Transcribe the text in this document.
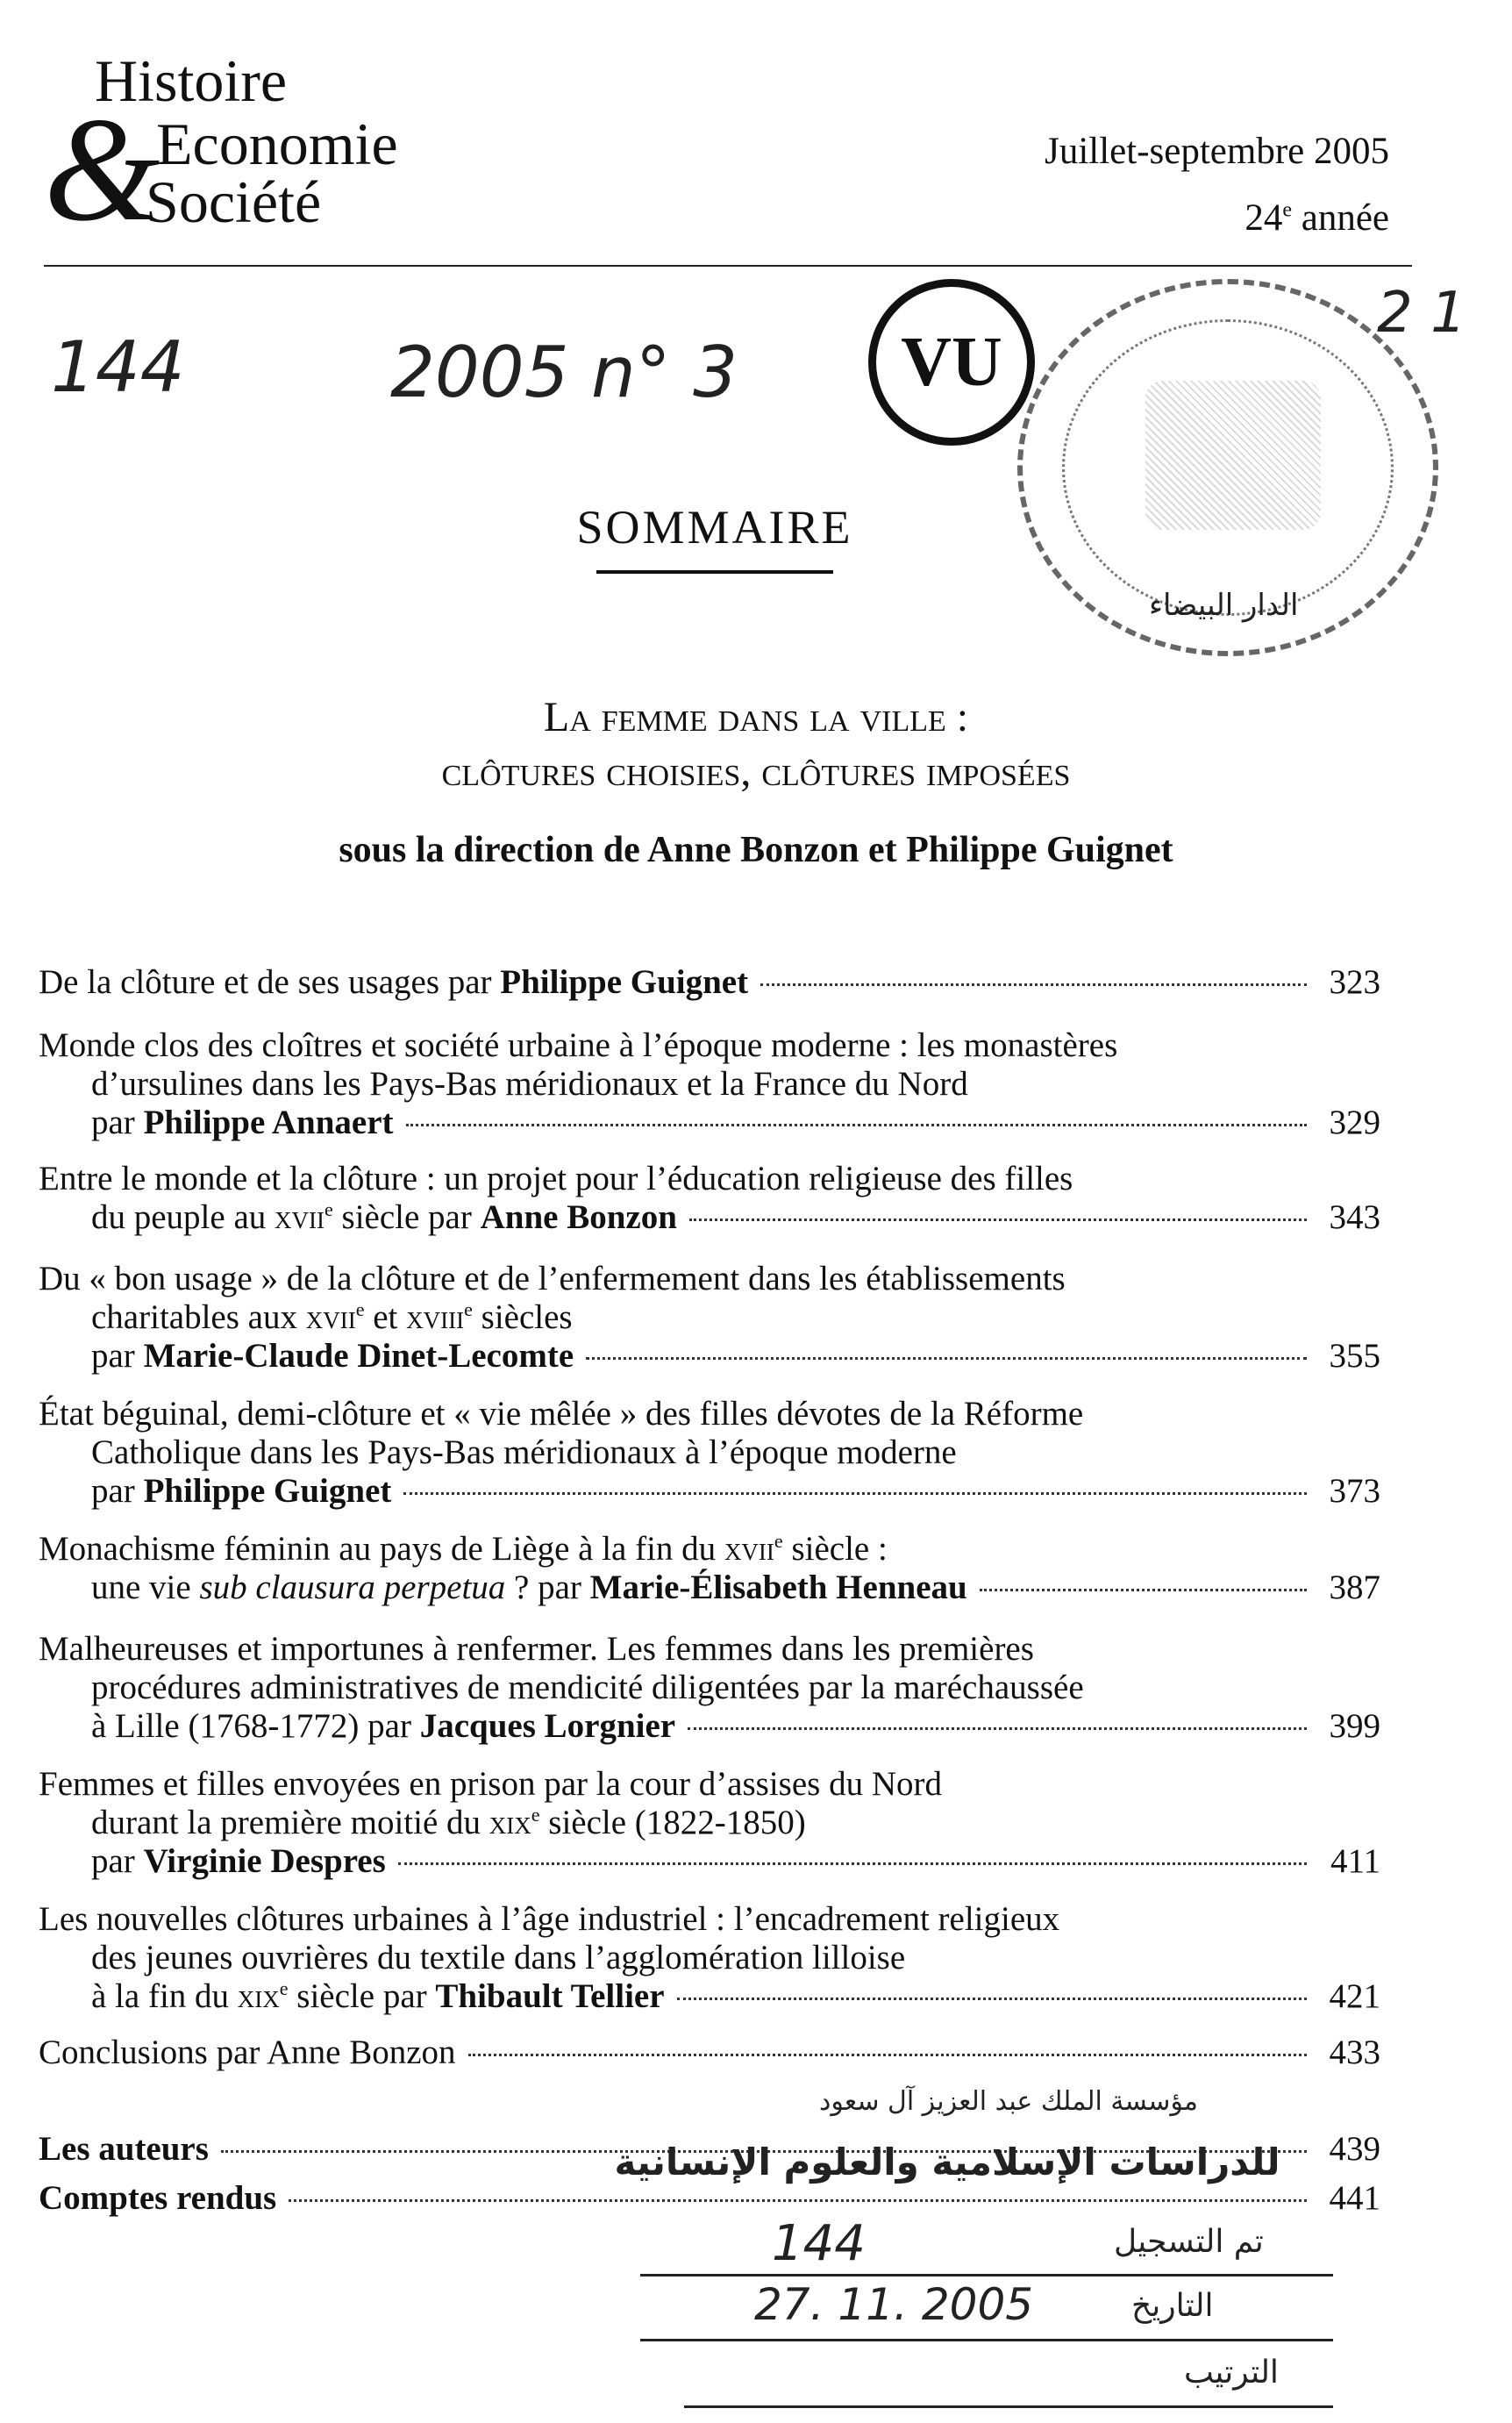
&
Histoire
Economie
Société
Juillet-septembre 2005
24e année
144	2005 n° 3
2 1
VU
الدار البيضاء
SOMMAIRE
La femme dans la ville :
clôtures choisies, clôtures imposées
sous la direction de Anne Bonzon et Philippe Guignet
De la clôture et de ses usages par Philippe Guignet	323
Monde clos des cloîtres et société urbaine à l’époque moderne : les monastères
d’ursulines dans les Pays-Bas méridionaux et la France du Nord
par Philippe Annaert	329
Entre le monde et la clôture : un projet pour l’éducation religieuse des filles
du peuple au xvii$^e$ siècle par Anne Bonzon	343
Du « bon usage » de la clôture et de l’enfermement dans les établissements
charitables aux xvii$^e$ et xviii$^e$ siècles
par Marie-Claude Dinet-Lecomte	355
État béguinal, demi-clôture et « vie mêlée » des filles dévotes de la Réforme
Catholique dans les Pays-Bas méridionaux à l’époque moderne
par Philippe Guignet	373
Monachisme féminin au pays de Liège à la fin du xvii$^e$ siècle :
une vie sub clausura perpetua ? par Marie-Élisabeth Henneau	387
Malheureuses et importunes à renfermer. Les femmes dans les premières
procédures administratives de mendicité diligentées par la maréchaussée
à Lille (1768-1772) par Jacques Lorgnier	399
Femmes et filles envoyées en prison par la cour d’assises du Nord
durant la première moitié du xix$^e$ siècle (1822-1850)
par Virginie Despres	411
Les nouvelles clôtures urbaines à l’âge industriel : l’encadrement religieux
des jeunes ouvrières du textile dans l’agglomération lilloise
à la fin du xix$^e$ siècle par Thibault Tellier	421
Conclusions par Anne Bonzon	433
Les auteurs	439
Comptes rendus	441
مؤسسة الملك عبد العزيز آل سعود
للدراسات الإسلامية والعلوم الإنسانية
144	تم التسجيل
27. 11. 2005	التاريخ
الترتيب
